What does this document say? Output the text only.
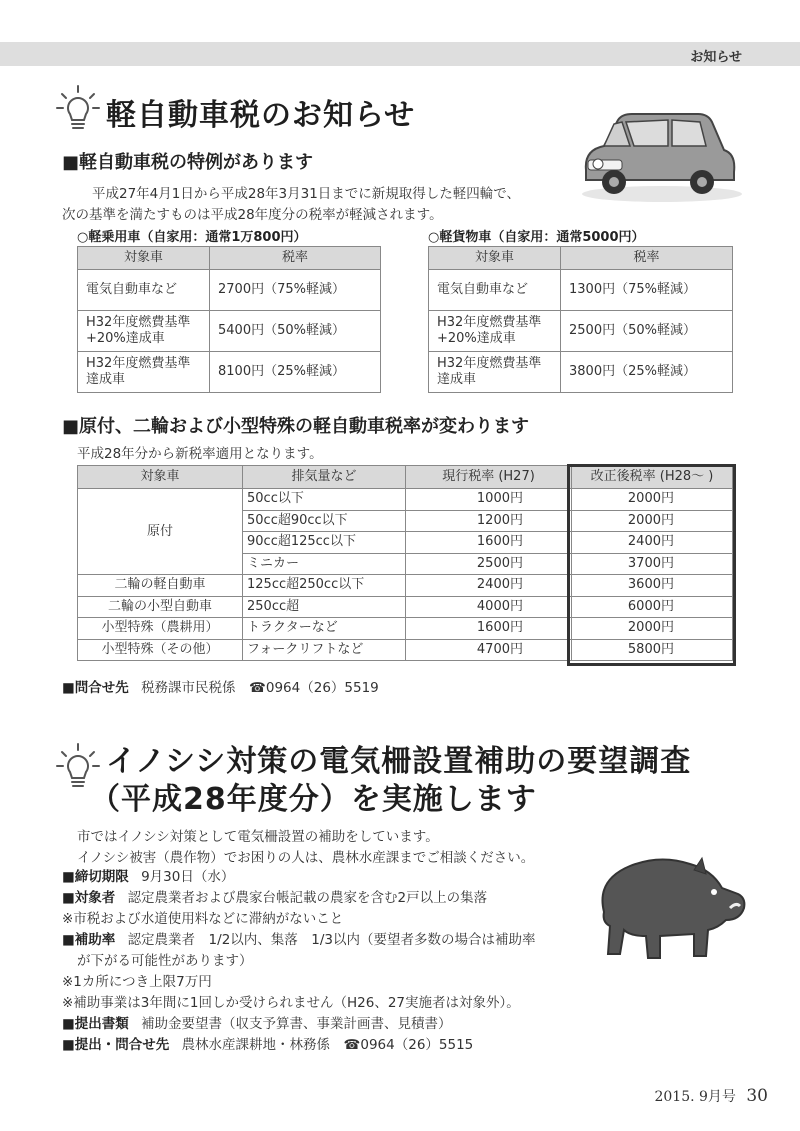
お知らせ
軽自動車税のお知らせ
■軽自動車税の特例があります
平成27年4月1日から平成28年3月31日までに新規取得した軽四輪で、
次の基準を満たすものは平成28年度分の税率が軽減されます。
○軽乗用車（自家用：通常1万800円）
対象車	税率
電気自動車など	2700円（75%軽減）
H32年度燃費基準
+20%達成車	5400円（50%軽減）
H32年度燃費基準
達成車	8100円（25%軽減）
○軽貨物車（自家用：通常5000円）
対象車	税率
電気自動車など	1300円（75%軽減）
H32年度燃費基準
+20%達成車	2500円（50%軽減）
H32年度燃費基準
達成車	3800円（25%軽減）
■原付、二輪および小型特殊の軽自動車税率が変わります
平成28年分から新税率適用となります。
対象車	排気量など	現行税率 (H27)	改正後税率 (H28～ )
原付	50cc以下	1000円	2000円
	50cc超90cc以下	1200円	2000円
	90cc超125cc以下	1600円	2400円
	ミニカー	2500円	3700円
二輪の軽自動車	125cc超250cc以下	2400円	3600円
二輪の小型自動車	250cc超	4000円	6000円
小型特殊（農耕用）	トラクターなど	1600円	2000円
小型特殊（その他）	フォークリフトなど	4700円	5800円
■問合せ先 税務課市民税係　☎0964（26）5519
イノシシ対策の電気柵設置補助の要望調査
（平成28年度分）を実施します
市ではイノシシ対策として電気柵設置の補助をしています。
イノシシ被害（農作物）でお困りの人は、農林水産課までご相談ください。
■締切期限 9月30日（水）
■対象者 認定農業者および農家台帳記載の農家を含む2戸以上の集落
※市税および水道使用料などに滞納がないこと
■補助率 認定農業者　1/2以内、集落　1/3以内（要望者多数の場合は補助率
が下がる可能性があります）
※1カ所につき上限7万円
※補助事業は3年間に1回しか受けられません（H26、27実施者は対象外）。
■提出書類 補助金要望書（収支予算書、事業計画書、見積書）
■提出・問合せ先 農林水産課耕地・林務係　☎0964（26）5515
2015. 9月号 30
